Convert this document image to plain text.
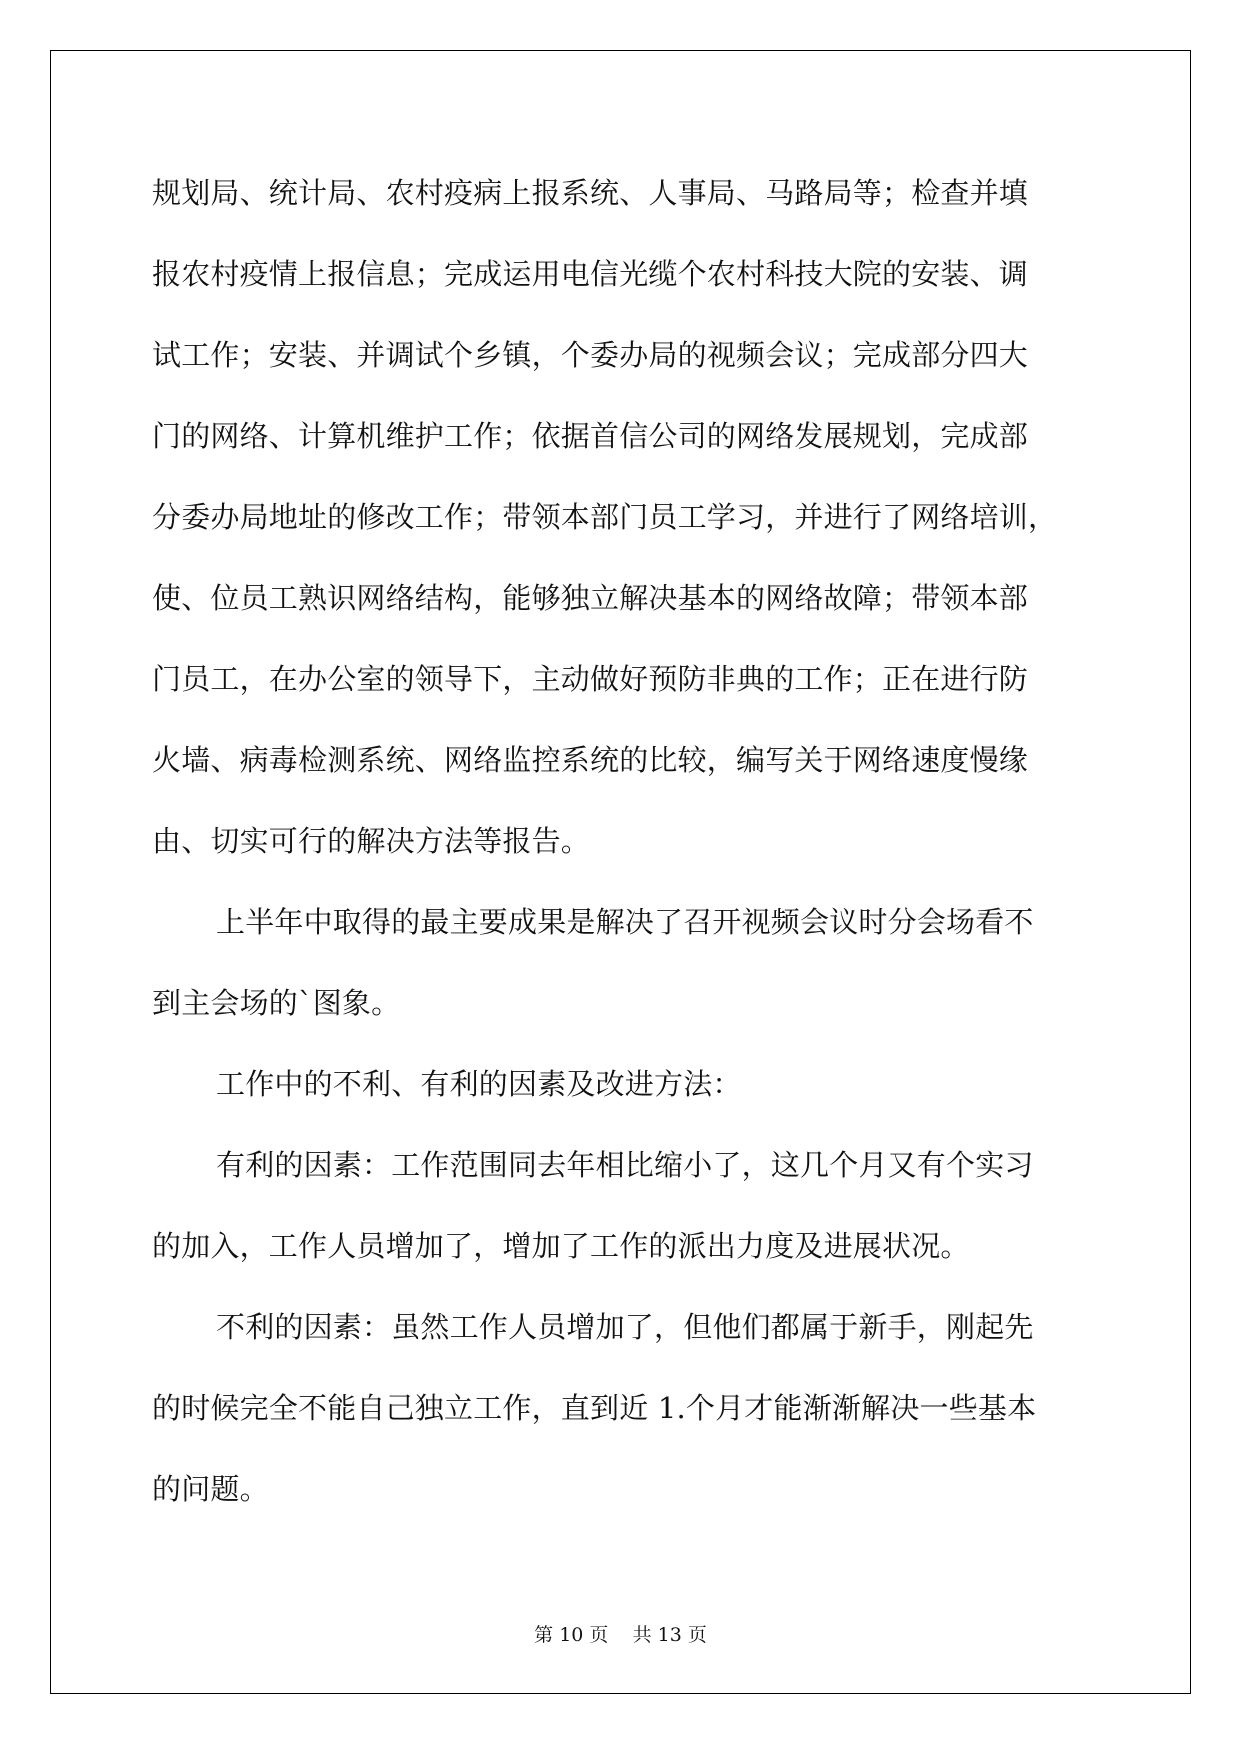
规划局、统计局、农村疫病上报系统、人事局、马路局等；检查并填
报农村疫情上报信息；完成运用电信光缆个农村科技大院的安装、调
试工作；安装、并调试个乡镇，个委办局的视频会议；完成部分四大
门的网络、计算机维护工作；依据首信公司的网络发展规划，完成部
分委办局地址的修改工作；带领本部门员工学习，并进行了网络培训，
使、位员工熟识网络结构，能够独立解决基本的网络故障；带领本部
门员工，在办公室的领导下，主动做好预防非典的工作；正在进行防
火墙、病毒检测系统、网络监控系统的比较，编写关于网络速度慢缘
由、切实可行的解决方法等报告。
上半年中取得的最主要成果是解决了召开视频会议时分会场看不
到主会场的`图象。
工作中的不利、有利的因素及改进方法：
有利的因素：工作范围同去年相比缩小了，这几个月又有个实习
的加入，工作人员增加了，增加了工作的派出力度及进展状况。
不利的因素：虽然工作人员增加了，但他们都属于新手，刚起先
的时候完全不能自己独立工作，直到近 1.个月才能渐渐解决一些基本
的问题。
第 10 页    共 13 页
